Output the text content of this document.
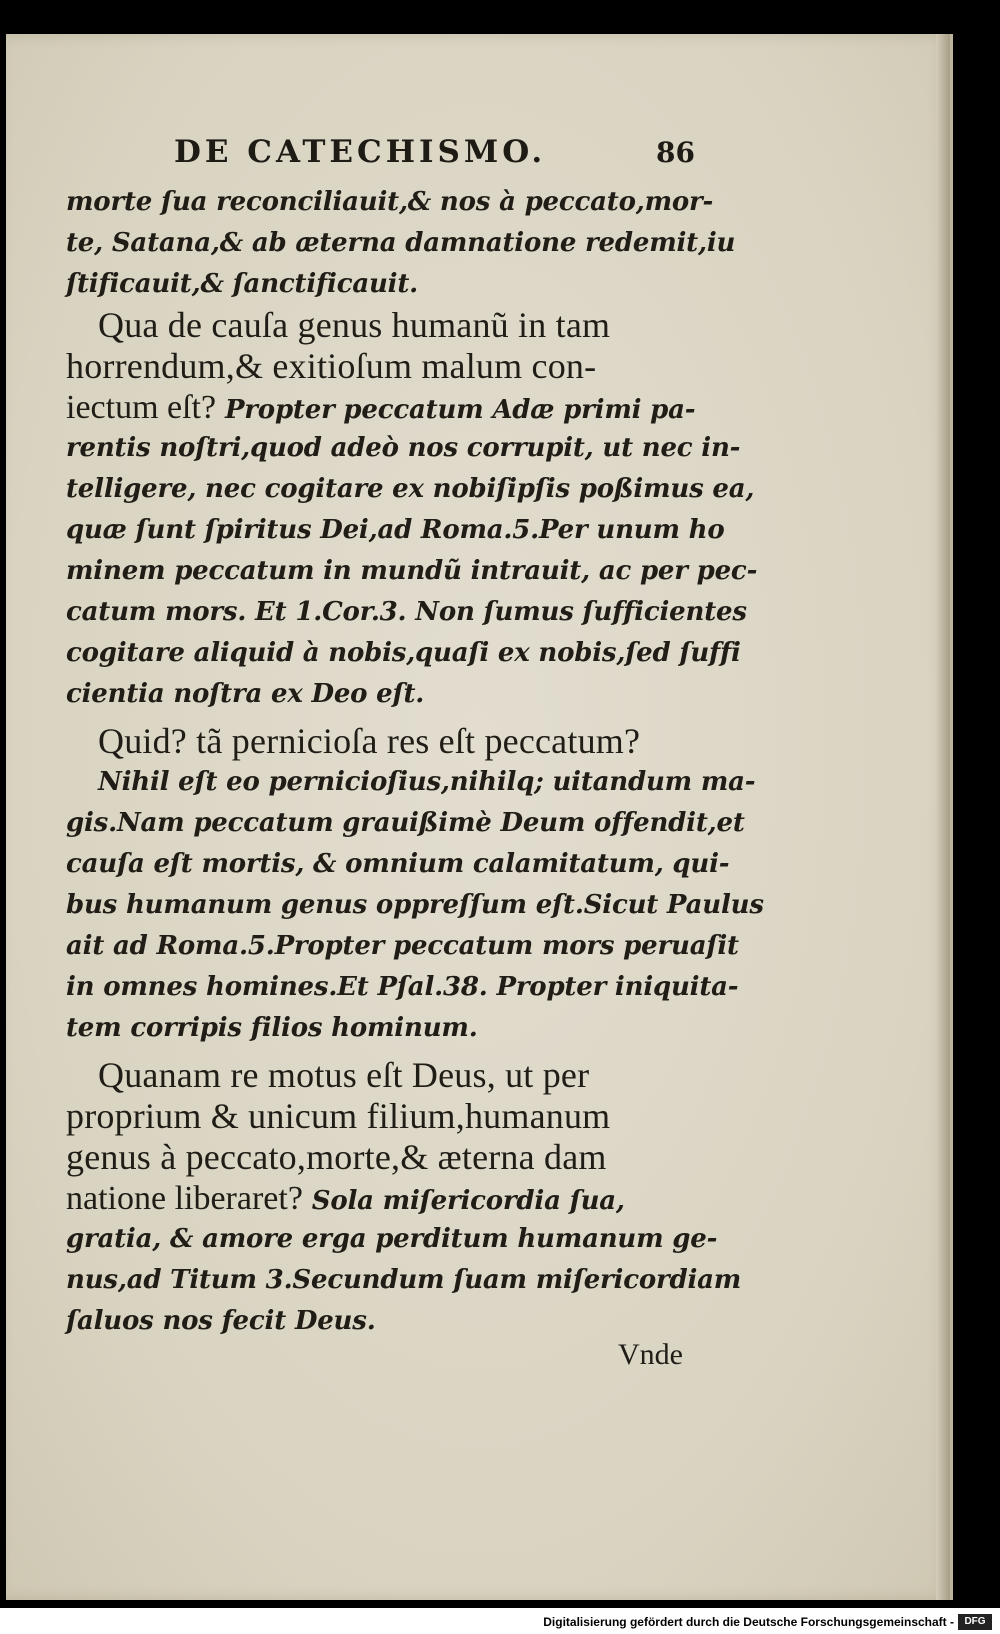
DE CATECHISMO.	86
morte ſua reconciliauit,& nos à peccato,mor-
te, Satana,& ab æterna damnatione redemit,iu
ſtificauit,& ſanctificauit.
Qua de cauſa genus humanũ in tam
horrendum,& exitioſum malum con-
iectum eſt? Propter peccatum Adæ primi pa-
rentis noſtri,quod adeò nos corrupit, ut nec in-
telligere, nec cogitare ex nobiſipſis poßimus ea,
quæ ſunt ſpiritus Dei,ad Roma.5.Per unum ho
minem peccatum in mundũ intrauit, ac per pec-
catum mors. Et 1.Cor.3. Non ſumus ſufficientes
cogitare aliquid à nobis,quaſi ex nobis,ſed ſuffi
cientia noſtra ex Deo eſt.
Quid? tã pernicioſa res eſt peccatum?
Nihil eſt eo pernicioſius,nihilq; uitandum ma-
gis.Nam peccatum grauißimè Deum offendit,et
cauſa eſt mortis, & omnium calamitatum, qui-
bus humanum genus oppreſſum eſt.Sicut Paulus
ait ad Roma.5.Propter peccatum mors peruaſit
in omnes homines.Et Pſal.38. Propter iniquita-
tem corripis filios hominum.
Quanam re motus eſt Deus, ut per
proprium & unicum filium,humanum
genus à peccato,morte,& æterna dam
natione liberaret? Sola miſericordia ſua,
gratia, & amore erga perditum humanum ge-
nus,ad Titum 3.Secundum ſuam miſericordiam
ſaluos nos fecit Deus.
Vnde
Digitalisierung gefördert durch die Deutsche Forschungsgemeinschaft -	DFG
